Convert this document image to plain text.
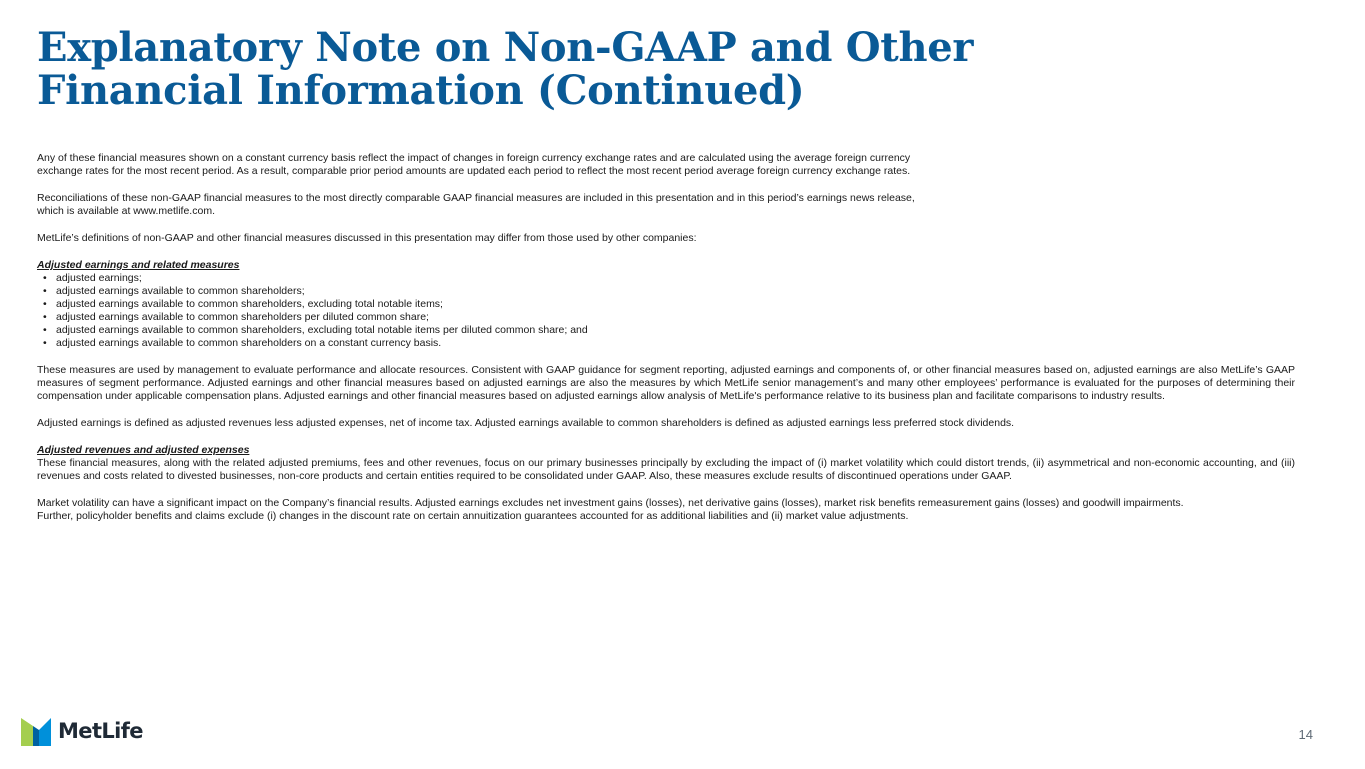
Explanatory Note on Non-GAAP and Other
Financial Information (Continued)

Any of these financial measures shown on a constant currency basis reflect the impact of changes in foreign currency exchange rates and are calculated using the average foreign currency
exchange rates for the most recent period. As a result, comparable prior period amounts are updated each period to reflect the most recent period average foreign currency exchange rates.

Reconciliations of these non-GAAP financial measures to the most directly comparable GAAP financial measures are included in this presentation and in this period’s earnings news release,
which is available at www.metlife.com.

MetLife’s definitions of non-GAAP and other financial measures discussed in this presentation may differ from those used by other companies:

Adjusted earnings and related measures

• adjusted earnings;
• adjusted earnings available to common shareholders;
• adjusted earnings available to common shareholders, excluding total notable items;
• adjusted earnings available to common shareholders per diluted common share;
• adjusted earnings available to common shareholders, excluding total notable items per diluted common share; and
• adjusted earnings available to common shareholders on a constant currency basis.

These measures are used by management to evaluate performance and allocate resources. Consistent with GAAP guidance for segment reporting, adjusted earnings and components of, or other financial measures based on, adjusted earnings are also MetLife’s GAAP measures of segment performance. Adjusted earnings and other financial measures based on adjusted earnings are also the measures by which MetLife senior management’s and many other employees’ performance is evaluated for the purposes of determining their compensation under applicable compensation plans. Adjusted earnings and other financial measures based on adjusted earnings allow analysis of MetLife's performance relative to its business plan and facilitate comparisons to industry results.

Adjusted earnings is defined as adjusted revenues less adjusted expenses, net of income tax. Adjusted earnings available to common shareholders is defined as adjusted earnings less preferred stock dividends.

Adjusted revenues and adjusted expenses

These financial measures, along with the related adjusted premiums, fees and other revenues, focus on our primary businesses principally by excluding the impact of (i) market volatility which could distort trends, (ii) asymmetrical and non-economic accounting, and (iii) revenues and costs related to divested businesses, non-core products and certain entities required to be consolidated under GAAP. Also, these measures exclude results of discontinued operations under GAAP.

Market volatility can have a significant impact on the Company’s financial results. Adjusted earnings excludes net investment gains (losses), net derivative gains (losses), market risk benefits remeasurement gains (losses) and goodwill impairments.
Further, policyholder benefits and claims exclude (i) changes in the discount rate on certain annuitization guarantees accounted for as additional liabilities and (ii) market value adjustments.

MetLife	14
